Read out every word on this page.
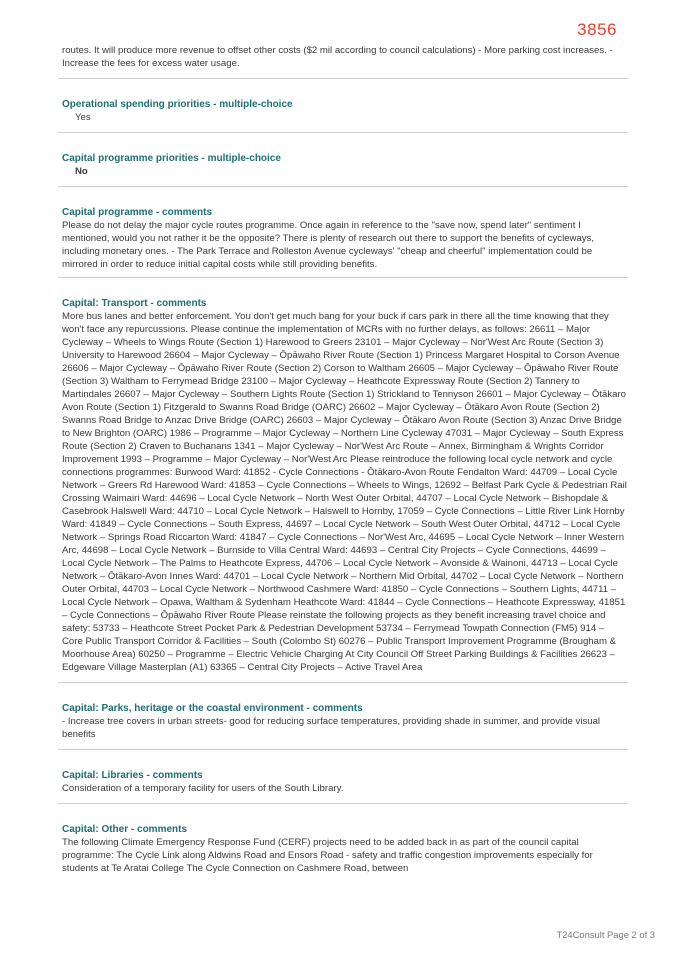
3856

routes. It will produce more revenue to offset other costs ($2 mil according to council calculations) - More parking cost increases. - Increase the fees for excess water usage.

Operational spending priorities - multiple-choice
Yes
Capital programme priorities - multiple-choice
No
Capital programme - comments

Please do not delay the major cycle routes programme. Once again in reference to the "save now, spend later" sentiment I mentioned, would you not rather it be the opposite? There is plenty of research out there to support the benefits of cycleways, including monetary ones. - The Park Terrace and Rolleston Avenue cycleways' "cheap and cheerful" implementation could be mirrored in order to reduce initial capital costs while still providing benefits.

Capital: Transport - comments

More bus lanes and better enforcement. You don't get much bang for your buck if cars park in there all the time knowing that they won't face any repurcussions. Please continue the implementation of MCRs with no further delays, as follows: 26611 – Major Cycleway – Wheels to Wings Route (Section 1) Harewood to Greers 23101 – Major Cycleway – Nor'West Arc Route (Section 3) University to Harewood 26604 – Major Cycleway – Ōpāwaho River Route (Section 1) Princess Margaret Hospital to Corson Avenue 26606 – Major Cycleway – Ōpāwaho River Route (Section 2) Corson to Waltham 26605 – Major Cycleway – Ōpāwaho River Route (Section 3) Waltham to Ferrymead Bridge 23100 – Major Cycleway – Heathcote Expressway Route (Section 2) Tannery to Martindales 26607 – Major Cycleway – Southern Lights Route (Section 1) Strickland to Tennyson 26601 – Major Cycleway – Ōtākaro Avon Route (Section 1) Fitzgerald to Swanns Road Bridge (OARC) 26602 – Major Cycleway – Ōtākaro Avon Route (Section 2) Swanns Road Bridge to Anzac Drive Bridge (OARC) 26603 – Major Cycleway – Ōtākaro Avon Route (Section 3) Anzac Drive Bridge to New Brighton (OARC) 1986 – Programme – Major Cycleway – Northern Line Cycleway 47031 – Major Cycleway – South Express Route (Section 2) Craven to Buchanans 1341 – Major Cycleway – Nor'West Arc Route – Annex, Birmingham & Wrights Corridor Improvement 1993 – Programme – Major Cycleway – Nor'West Arc Please reintroduce the following local cycle network and cycle connections programmes: Burwood Ward: 41852 - Cycle Connections - Ōtākaro-Avon Route Fendalton Ward: 44709 – Local Cycle Network – Greers Rd Harewood Ward: 41853 – Cycle Connections – Wheels to Wings, 12692 – Belfast Park Cycle & Pedestrian Rail Crossing Waimairi Ward: 44696 – Local Cycle Network – North West Outer Orbital, 44707 – Local Cycle Network – Bishopdale & Casebrook Halswell Ward: 44710 – Local Cycle Network – Halswell to Hornby, 17059 – Cycle Connections – Little River Link Hornby Ward: 41849 – Cycle Connections – South Express, 44697 – Local Cycle Network – South West Outer Orbital, 44712 – Local Cycle Network – Springs Road Riccarton Ward: 41847 – Cycle Connections – Nor'West Arc, 44695 – Local Cycle Network – Inner Western Arc, 44698 – Local Cycle Network – Burnside to Villa Central Ward: 44693 – Central City Projects – Cycle Connections, 44699 – Local Cycle Network – The Palms to Heathcote Express, 44706 – Local Cycle Network – Avonside & Wainoni, 44713 – Local Cycle Network – Ōtākaro-Avon Innes Ward: 44701 – Local Cycle Network – Northern Mid Orbital, 44702 – Local Cycle Network – Northern Outer Orbital, 44703 – Local Cycle Network – Northwood Cashmere Ward: 41850 – Cycle Connections – Southern Lights, 44711 – Local Cycle Network – Opawa, Waltham & Sydenham Heathcote Ward: 41844 – Cycle Connections – Heathcote Expressway, 41851 – Cycle Connections – Ōpāwaho River Route Please reinstate the following projects as they benefit increasing travel choice and safety: 53733 – Heathcote Street Pocket Park & Pedestrian Development 53734 – Ferrymead Towpath Connection (FM5) 914 – Core Public Transport Corridor & Facilities – South (Colombo St) 60276 – Public Transport Improvement Programme (Brougham & Moorhouse Area) 60250 – Programme – Electric Vehicle Charging At City Council Off Street Parking Buildings & Facilities 26623 – Edgeware Village Masterplan (A1) 63365 – Central City Projects – Active Travel Area

Capital: Parks, heritage or the coastal environment - comments

- Increase tree covers in urban streets- good for reducing surface temperatures, providing shade in summer, and provide visual benefits

Capital: Libraries - comments

Consideration of a temporary facility for users of the South Library.

Capital: Other - comments

The following Climate Emergency Response Fund (CERF) projects need to be added back in as part of the council capital programme: The Cycle Link along Aldwins Road and Ensors Road - safety and traffic congestion improvements especially for students at Te Aratai College The Cycle Connection on Cashmere Road, between

T24Consult Page 2 of 3
